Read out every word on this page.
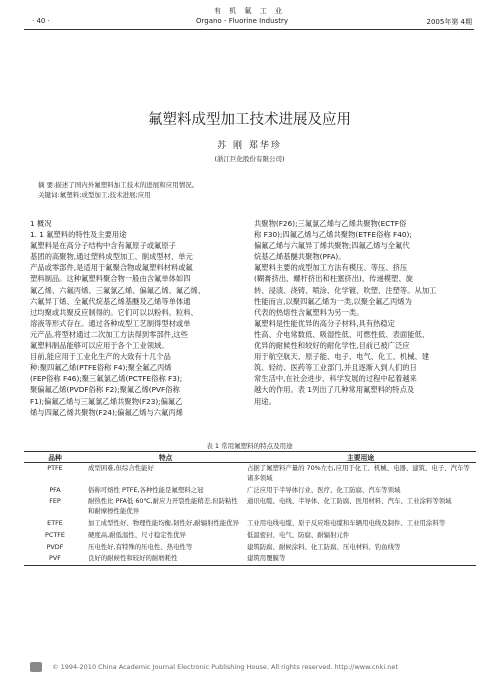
有 机 氟 工 业
· 40 ·	Organo - Fluorine Industry	2005年第 4期
氟塑料成型加工技术进展及应用
苏 刚 郑华珍
(浙江巨化股份有限公司)
摘 要:描述了国内外氟塑料加工技术的进展和应用情况。
关键词:氟塑料;成型加工;技术进展;应用
1 概况
1. 1 氟塑料的特性及主要用途
氟塑料是在高分子结构中含有氟原子或氟原子
基团的高聚物,通过塑料成型加工、制成型材、单元
产品或零部件,是适用于氟聚合物或氟塑料材料或氟
塑料制品。这种氟塑料聚合物一般由含氟单体如四
氟乙烯、六氟丙烯、三氟氯乙烯、偏氟乙烯、氟乙烯、
六氟异丁烯、全氟代烷基乙烯基醚及乙烯等单体通
过均聚或共聚反应制得的。它们可以以粉料、粒料、
溶液等形式存在。通过各种成型工艺制得型材或单
元产品,将型材通过二次加工方法得到零部件,这些
氟塑料制品能够可以应用于各个工业领域。
目前,能应用于工业化生产的大致有十几个品
种:聚四氟乙烯(PTFE俗称 F4);聚全氟乙丙烯
(FEP俗称 F46);聚三氟氯乙烯(PCTFE俗称 F3);
聚偏氟乙烯(PVDF俗称 F2);聚氟乙烯(PVF俗称
F1);偏氟乙烯与三氟氯乙烯共聚物(F23);偏氟乙
烯与四氟乙烯共聚物(F24);偏氟乙烯与六氟丙烯
共聚物(F26);三氟氯乙烯与乙烯共聚物(ECTF俗
称 F30);四氟乙烯与乙烯共聚物(ETFE俗称 F40);
偏氟乙烯与六氟异丁烯共聚物;四氟乙烯与全氟代
烷基乙烯基醚共聚物(PFA)。
氟塑料主要的成型加工方法有模压、等压、挤压
(糊膏挤出、螺杆挤出和柱塞挤出)、传递模塑、旋
转、浸渍、浇铸、喷涂、化学镀、吹塑、注塑等。从加工
性能而言,以聚四氟乙烯为一类,以聚全氟乙丙烯为
代表的热熔性含氟塑料为另一类。
氟塑料是性能优异的高分子材料,具有热稳定
性高、介电常数低、吸湿性低、可燃性低、表面能低、
优异的耐候性和较好的耐化学性,目前已被广泛应
用于航空航天、原子能、电子、电气、化工、机械、建
筑、轻纺、医药等工业部门,并且逐渐入到人们的日
常生活中,在社会进步、科学发展的过程中起着越来
越大的作用。表 1列出了几种常用氟塑料的特点及
用途。
表 1 常用氟塑料的特点及用途
品种	特点	主要用途
PTFE	成型困难,但综合性能好	占据了氟塑料产量的 70%左右,应用于化工、机械、电器、建筑、电子、汽车等诸多领域
PFA	俗称可熔性 PTFE,各种性能是氟塑料之冠	广泛应用于半导体行业、医疗、化工防腐、汽车等领域
FEP	耐热性比 PFA低 60℃,耐应力开裂性能稍差,但防粘性和耐摩擦性能优异	通讯电缆、电线、半导体、化工防腐、医用材料、汽车、工业涂料等领域
ETFE	加工成型性好、物理性能均衡,韧性好,耐辐射性能优异	工业用电线电缆、原子反应堆电缆和车辆用电线及制件、工业用涂料等
PCTFE	硬度高,耐低温性、尺寸稳定性优异	低温密封、电气、防腐、耐辐射元件
PVDF	压电性好,有特殊的压电性、热电性等	建筑防腐、耐候涂料、化工防腐、压电材料、钓鱼线等
PVF	良好的耐候性和较好的耐磨耗性	建筑用覆膜等
© 1994-2010 China Academic Journal Electronic Publishing House. All rights reserved. http://www.cnki.net
